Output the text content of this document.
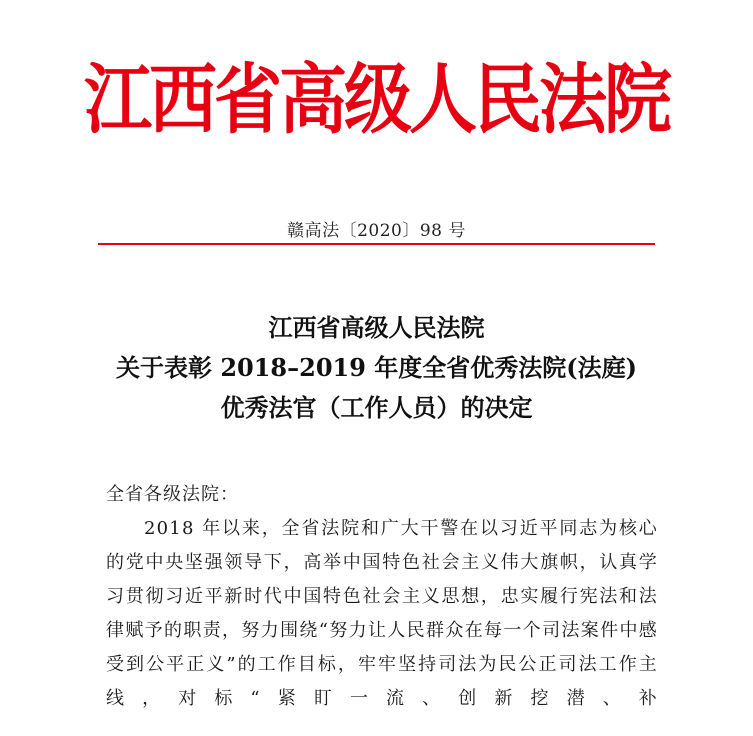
江西省高级人民法院
赣高法〔2020〕98 号
江西省高级人民法院
关于表彰 2018–2019 年度全省优秀法院(法庭)
优秀法官（工作人员）的决定

全省各级法院：

2018 年以来，全省法院和广大干警在以习近平同志为核心的党中央坚强领导下，高举中国特色社会主义伟大旗帜，认真学习贯彻习近平新时代中国特色社会主义思想，忠实履行宪法和法律赋予的职责，努力围绕“努力让人民群众在每一个司法案件中感受到公平正义”的工作目标，牢牢坚持司法为民公正司法工作主线，对标“紧盯一流、创新挖潜、补
